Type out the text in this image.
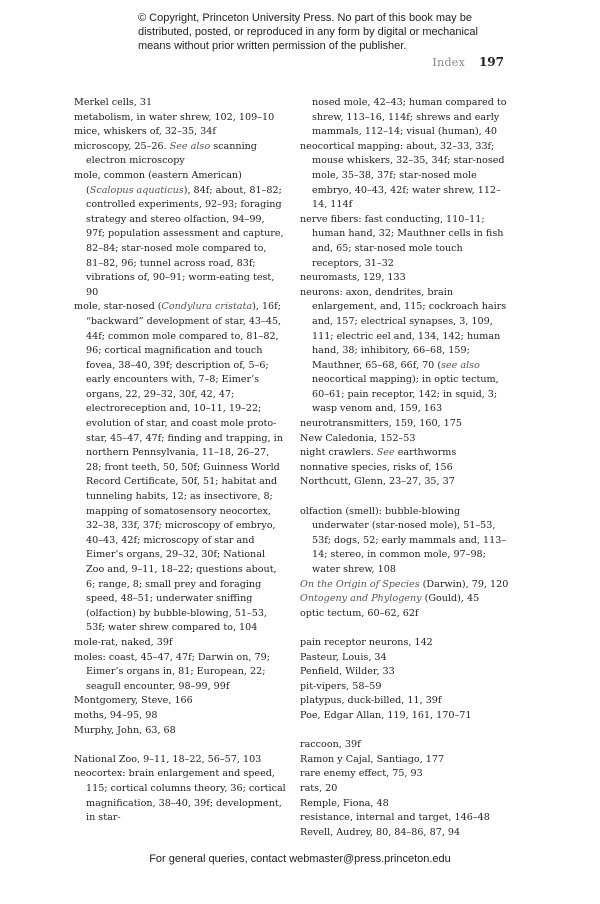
© Copyright, Princeton University Press. No part of this book may be distributed, posted, or reproduced in any form by digital or mechanical means without prior written permission of the publisher.
Index 197

Merkel cells, 31

metabolism, in water shrew, 102, 109–10

mice, whiskers of, 32–35, 34f

microscopy, 25–26. See also scanning electron microscopy

mole, common (eastern American) (Scalopus aquaticus), 84f; about, 81–82; controlled experiments, 92–93; foraging strategy and stereo olfaction, 94–99, 97f; population assessment and capture, 82–84; star-nosed mole compared to, 81–82, 96; tunnel across road, 83f; vibrations of, 90–91; worm-eating test, 90

mole, star-nosed (Condylura cristata), 16f; “backward” development of star, 43–45, 44f; common mole compared to, 81–82, 96; cortical magnification and touch fovea, 38–40, 39f; description of, 5–6; early encounters with, 7–8; Eimer’s organs, 22, 29–32, 30f, 42, 47; electroreception and, 10–11, 19–22; evolution of star, and coast mole proto-star, 45–47, 47f; finding and trapping, in northern Pennsylvania, 11–18, 26–27, 28; front teeth, 50, 50f; Guinness World Record Certificate, 50f, 51; habitat and tunneling habits, 12; as insectivore, 8; mapping of somatosensory neocortex, 32–38, 33f, 37f; microscopy of embryo, 40–43, 42f; microscopy of star and Eimer’s organs, 29–32, 30f; National Zoo and, 9–11, 18–22; questions about, 6; range, 8; small prey and foraging speed, 48–51; underwater sniffing (olfaction) by bubble-blowing, 51–53, 53f; water shrew compared to, 104

mole-rat, naked, 39f

moles: coast, 45–47, 47f; Darwin on, 79; Eimer’s organs in, 81; European, 22; seagull encounter, 98–99, 99f

Montgomery, Steve, 166

moths, 94–95, 98

Murphy, John, 63, 68

National Zoo, 9–11, 18–22, 56–57, 103

neocortex: brain enlargement and speed, 115; cortical columns theory, 36; cortical magnification, 38–40, 39f; development, in star-

nosed mole, 42–43; human compared to shrew, 113–16, 114f; shrews and early mammals, 112–14; visual (human), 40

neocortical mapping: about, 32–33, 33f; mouse whiskers, 32–35, 34f; star-nosed mole, 35–38, 37f; star-nosed mole embryo, 40–43, 42f; water shrew, 112–14, 114f

nerve fibers: fast conducting, 110–11; human hand, 32; Mauthner cells in fish and, 65; star-nosed mole touch receptors, 31–32

neuromasts, 129, 133

neurons: axon, dendrites, brain enlargement, and, 115; cockroach hairs and, 157; electrical synapses, 3, 109, 111; electric eel and, 134, 142; human hand, 38; inhibitory, 66–68, 159; Mauthner, 65–68, 66f, 70 (see also neocortical mapping); in optic tectum, 60–61; pain receptor, 142; in squid, 3; wasp venom and, 159, 163

neurotransmitters, 159, 160, 175

New Caledonia, 152–53

night crawlers. See earthworms

nonnative species, risks of, 156

Northcutt, Glenn, 23–27, 35, 37

olfaction (smell): bubble-blowing underwater (star-nosed mole), 51–53, 53f; dogs, 52; early mammals and, 113–14; stereo, in common mole, 97–98; water shrew, 108

On the Origin of Species (Darwin), 79, 120

Ontogeny and Phylogeny (Gould), 45

optic tectum, 60–62, 62f

pain receptor neurons, 142

Pasteur, Louis, 34

Penfield, Wilder, 33

pit-vipers, 58–59

platypus, duck-billed, 11, 39f

Poe, Edgar Allan, 119, 161, 170–71

raccoon, 39f

Ramon y Cajal, Santiago, 177

rare enemy effect, 75, 93

rats, 20

Remple, Fiona, 48

resistance, internal and target, 146–48

Revell, Audrey, 80, 84–86, 87, 94

For general queries, contact webmaster@press.princeton.edu
